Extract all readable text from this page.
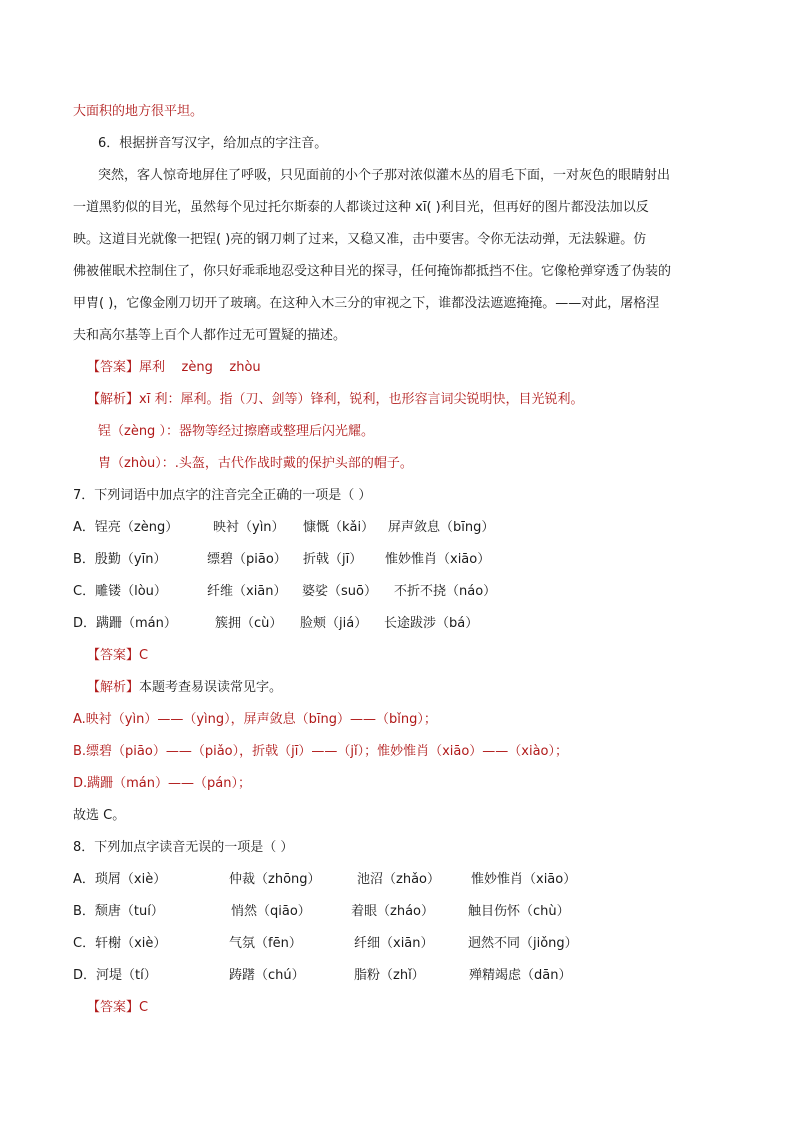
大面积的地方很平坦。
6．根据拼音写汉字，给加点的字注音。
突然，客人惊奇地屏住了呼吸，只见面前的小个子那对浓似灌木丛的眉毛下面，一对灰色的眼睛射出
一道黑豹似的目光，虽然每个见过托尔斯泰的人都谈过这种 xī( )利目光，但再好的图片都没法加以反
映。这道目光就像一把锃( )亮的钢刀刺了过来，又稳又准，击中要害。令你无法动弹，无法躲避。仿
佛被催眠术控制住了，你只好乖乖地忍受这种目光的探寻，任何掩饰都抵挡不住。它像枪弹穿透了伪装的
甲胄( )，它像金刚刀切开了玻璃。在这种入木三分的审视之下，谁都没法遮遮掩掩。——对此，屠格涅
夫和高尔基等上百个人都作过无可置疑的描述。
【答案】犀利    zèng    zhòu
【解析】xī 利：犀利。指（刀、剑等）锋利，锐利，也形容言词尖锐明快，目光锐利。
锃（zèng ）：器物等经过擦磨或整理后闪光耀。
胄（zhòu）：.头盔，古代作战时戴的保护头部的帽子。
7．下列词语中加点字的注音完全正确的一项是（ ）
A．锃亮（zèng）	映衬（yìn） 慷慨（kǎi） 屏声敛息（bīng）
B．殷勤（yīn）	缥碧（piāo） 折戟（jī） 惟妙惟肖（xiāo）
C．雕镂（lòu）	纤维（xiān） 婆娑（suō） 不折不挠（náo）
D．蹒跚（mán）	簇拥（cù） 脸颊（jiá） 长途跋涉（bá）
【答案】C
【解析】本题考查易误读常见字。
A.映衬（yìn）——（yìng），屏声敛息（bīng）——（bǐng）；
B.缥碧（piāo）——（piǎo），折戟（jī）——（jǐ）；惟妙惟肖（xiāo）——（xiào）；
D.蹒跚（mán）——（pán）；
故选 C。
8．下列加点字读音无误的一项是（ ）
A．琐屑（xiè）	仲裁（zhōng）	池沼（zhǎo） 惟妙惟肖（xiāo）
B．颓唐（tuí）	悄然（qiāo）	着眼（zháo）	触目伤怀（chù）
C．轩榭（xiè）	气氛（fēn）	纤细（xiān）	迥然不同（jiǒng）
D．河堤（tí）	踌躇（chú）	脂粉（zhǐ）	殚精竭虑（dān）
【答案】C
